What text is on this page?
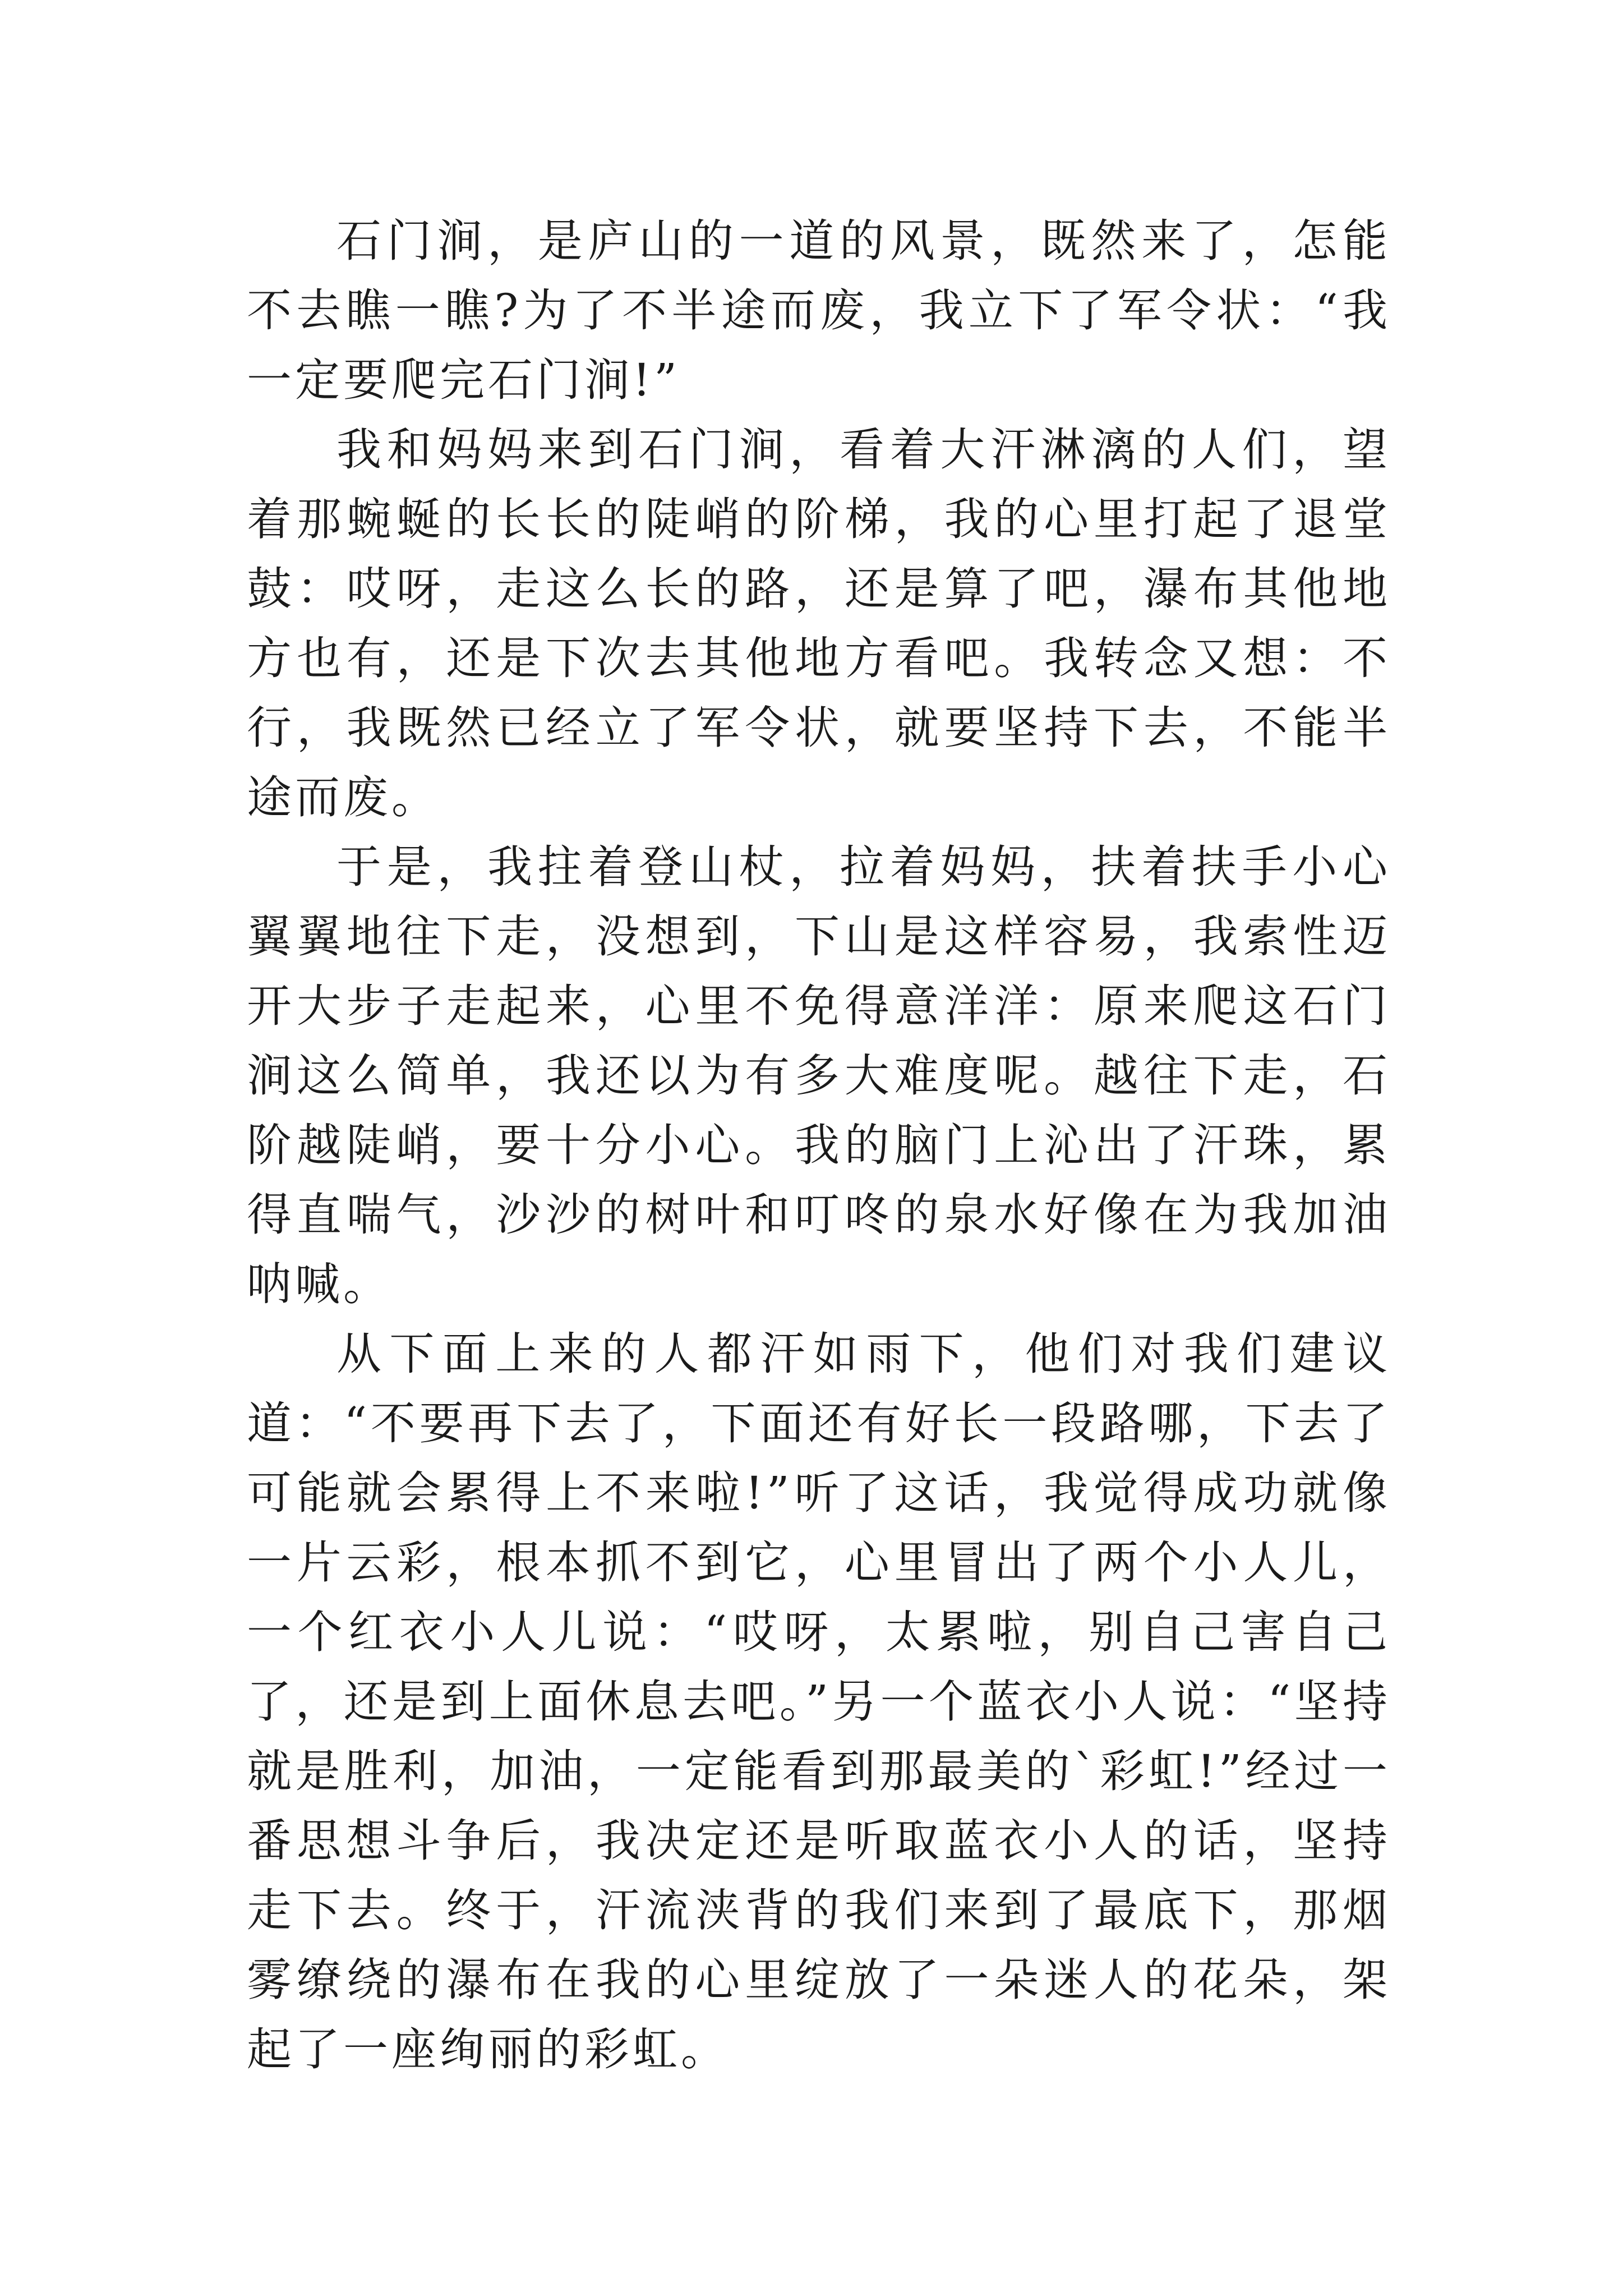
石门涧，是庐山的一道的风景，既然来了，怎能不去瞧一瞧?为了不半途而废，我立下了军令状：“我一定要爬完石门涧!”

我和妈妈来到石门涧，看着大汗淋漓的人们，望着那蜿蜒的长长的陡峭的阶梯，我的心里打起了退堂鼓：哎呀，走这么长的路，还是算了吧，瀑布其他地方也有，还是下次去其他地方看吧。我转念又想：不行，我既然已经立了军令状，就要坚持下去，不能半途而废。

于是，我拄着登山杖，拉着妈妈，扶着扶手小心翼翼地往下走，没想到，下山是这样容易，我索性迈开大步子走起来，心里不免得意洋洋：原来爬这石门涧这么简单，我还以为有多大难度呢。越往下走，石阶越陡峭，要十分小心。我的脑门上沁出了汗珠，累得直喘气，沙沙的树叶和叮咚的泉水好像在为我加油呐喊。

从下面上来的人都汗如雨下，他们对我们建议道：“不要再下去了，下面还有好长一段路哪，下去了可能就会累得上不来啦!”听了这话，我觉得成功就像一片云彩，根本抓不到它，心里冒出了两个小人儿，一个红衣小人儿说：“哎呀，太累啦，别自己害自己了，还是到上面休息去吧。”另一个蓝衣小人说：“坚持就是胜利，加油，一定能看到那最美的`彩虹!”经过一番思想斗争后，我决定还是听取蓝衣小人的话，坚持走下去。终于，汗流浃背的我们来到了最底下，那烟雾缭绕的瀑布在我的心里绽放了一朵迷人的花朵，架起了一座绚丽的彩虹。
